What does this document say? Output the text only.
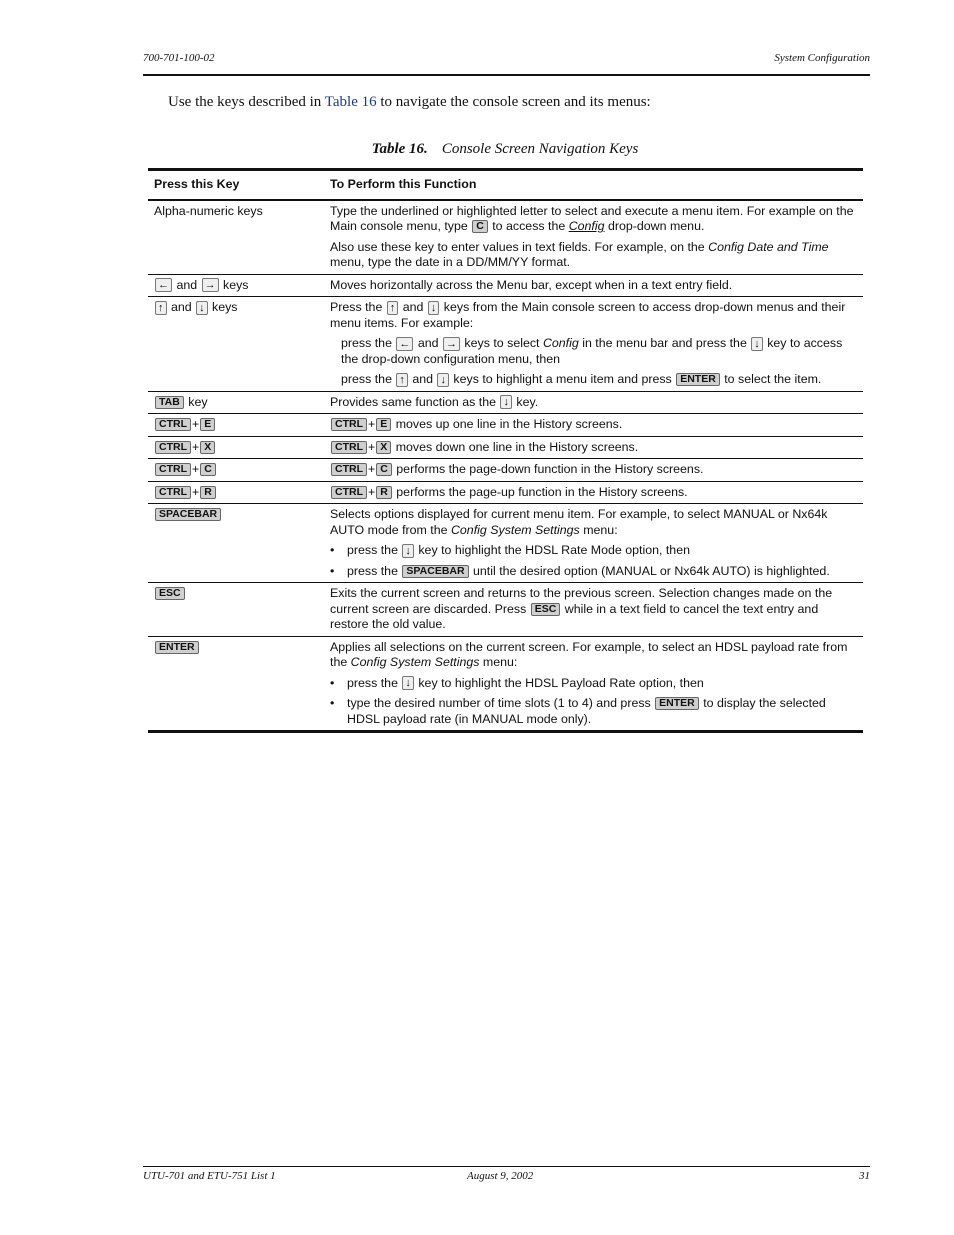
700-701-100-02	System Configuration
Use the keys described in Table 16 to navigate the console screen and its menus:
Table 16. Console Screen Navigation Keys
Press this Key	To Perform this Function
Alpha-numeric keys	Type the underlined or highlighted letter to select and execute a menu item. For example on the Main console menu, type C to access the Config drop-down menu.

Also use these key to enter values in text fields. For example, on the Config Date and Time menu, type the date in a DD/MM/YY format.

← and → keys	Moves horizontally across the Menu bar, except when in a text entry field.
↑ and ↓ keys	Press the ↑ and ↓ keys from the Main console screen to access drop-down menus and their menu items. For example:

press the ← and → keys to select Config in the menu bar and press the ↓ key to access the drop-down configuration menu, then

press the ↑ and ↓ keys to highlight a menu item and press ENTER to select the item.

TAB key	Provides same function as the ↓ key.
CTRL + E	CTRL + E moves up one line in the History screens.
CTRL + X	CTRL + X moves down one line in the History screens.
CTRL + C	CTRL + C performs the page-down function in the History screens.
CTRL + R	CTRL + R performs the page-up function in the History screens.
SPACEBAR	Selects options displayed for current menu item. For example, to select MANUAL or Nx64k AUTO mode from the Config System Settings menu:

•	press the ↓ key to highlight the HDSL Rate Mode option, then
•	press the SPACEBAR until the desired option (MANUAL or Nx64k AUTO) is highlighted.
ESC	Exits the current screen and returns to the previous screen. Selection changes made on the current screen are discarded. Press ESC while in a text field to cancel the text entry and restore the old value.
ENTER	Applies all selections on the current screen. For example, to select an HDSL payload rate from the Config System Settings menu:

•	press the ↓ key to highlight the HDSL Payload Rate option, then
•	type the desired number of time slots (1 to 4) and press ENTER to display the selected HDSL payload rate (in MANUAL mode only).
UTU-701 and ETU-751 List 1	August 9, 2002	31
